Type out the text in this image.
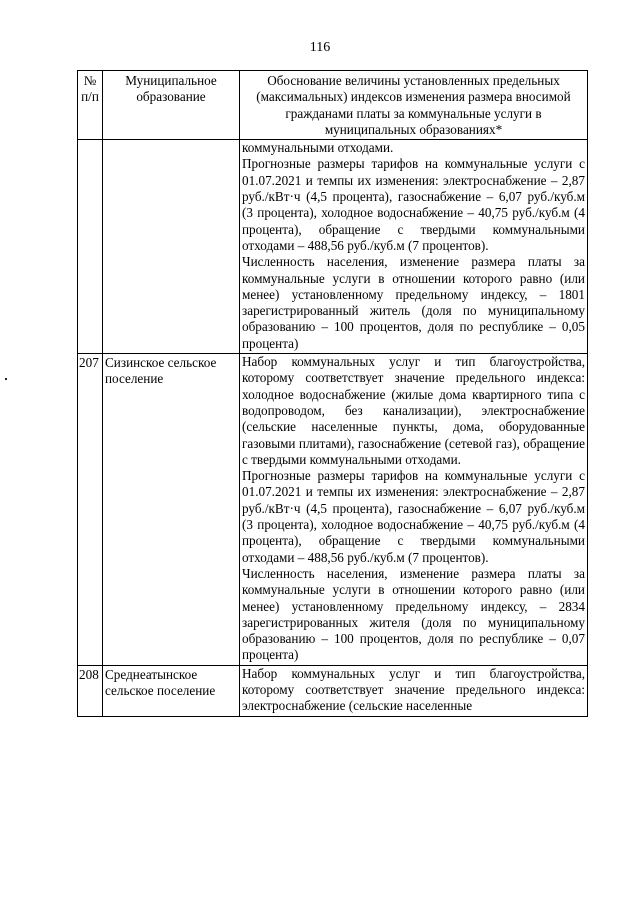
116
№ п/п	Муниципальное образование	Обоснование величины установленных предельных (максимальных) индексов изменения размера вносимой гражданами платы за коммунальные услуги в муниципальных образованиях*

		коммунальными отходами.
Прогнозные размеры тарифов на коммунальные услуги с 01.07.2021 и темпы их изменения: электроснабжение – 2,87 руб./кВт·ч (4,5 процента), газоснабжение – 6,07 руб./куб.м (3 процента), холодное водоснабжение – 40,75 руб./куб.м (4 процента), обращение с твердыми коммунальными отходами – 488,56 руб./куб.м (7 процентов).
Численность населения, изменение размера платы за коммунальные услуги в отношении которого равно (или менее) установленному предельному индексу, – 1801 зарегистрированный житель (доля по муниципальному образованию – 100 процентов, доля по республике – 0,05 процента)

207	Сизинское сельское поселение	Набор коммунальных услуг и тип благоустройства, которому соответствует значение предельного индекса: холодное водоснабжение (жилые дома квартирного типа с водопроводом, без канализации), электроснабжение (сельские населенные пункты, дома, оборудованные газовыми плитами), газоснабжение (сетевой газ), обращение с твердыми коммунальными отходами.
Прогнозные размеры тарифов на коммунальные услуги с 01.07.2021 и темпы их изменения: электроснабжение – 2,87 руб./кВт·ч (4,5 процента), газоснабжение – 6,07 руб./куб.м (3 процента), холодное водоснабжение – 40,75 руб./куб.м (4 процента), обращение с твердыми коммунальными отходами – 488,56 руб./куб.м (7 процентов).
Численность населения, изменение размера платы за коммунальные услуги в отношении которого равно (или менее) установленному предельному индексу, – 2834 зарегистрированных жителя (доля по муниципальному образованию – 100 процентов, доля по республике – 0,07 процента)

208	Среднеатынское сельское поселение	Набор коммунальных услуг и тип благоустройства, которому соответствует значение предельного индекса: электроснабжение (сельские населенные
